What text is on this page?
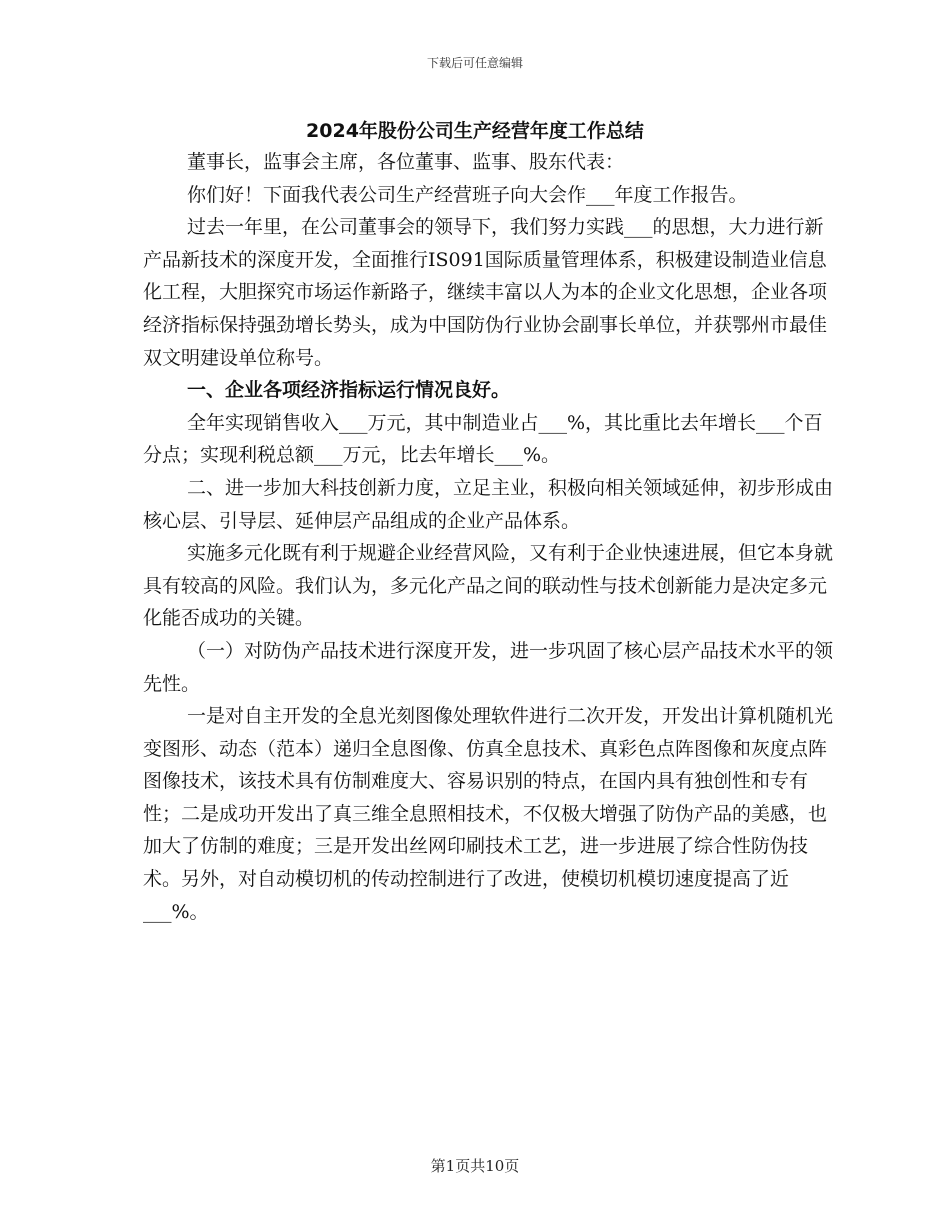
下载后可任意编辑
2024年股份公司生产经营年度工作总结

董事长，监事会主席，各位董事、监事、股东代表：

你们好！下面我代表公司生产经营班子向大会作___年度工作报告。

过去一年里，在公司董事会的领导下，我们努力实践___的思想，大力进行新产品新技术的深度开发，全面推行IS091国际质量管理体系，积极建设制造业信息化工程，大胆探究市场运作新路子，继续丰富以人为本的企业文化思想，企业各项经济指标保持强劲增长势头，成为中国防伪行业协会副事长单位，并获鄂州市最佳双文明建设单位称号。

一、企业各项经济指标运行情况良好。

全年实现销售收入___万元，其中制造业占___%，其比重比去年增长___个百分点；实现利税总额___万元，比去年增长___%。

二、进一步加大科技创新力度，立足主业，积极向相关领域延伸，初步形成由核心层、引导层、延伸层产品组成的企业产品体系。

实施多元化既有利于规避企业经营风险，又有利于企业快速进展，但它本身就具有较高的风险。我们认为，多元化产品之间的联动性与技术创新能力是决定多元化能否成功的关键。

（一）对防伪产品技术进行深度开发，进一步巩固了核心层产品技术水平的领先性。

一是对自主开发的全息光刻图像处理软件进行二次开发，开发出计算机随机光变图形、动态（范本）递归全息图像、仿真全息技术、真彩色点阵图像和灰度点阵图像技术，该技术具有仿制难度大、容易识别的特点，在国内具有独创性和专有性；二是成功开发出了真三维全息照相技术，不仅极大增强了防伪产品的美感，也加大了仿制的难度；三是开发出丝网印刷技术工艺，进一步进展了综合性防伪技术。另外，对自动模切机的传动控制进行了改进，使模切机模切速度提高了近___%。

第1页共10页
